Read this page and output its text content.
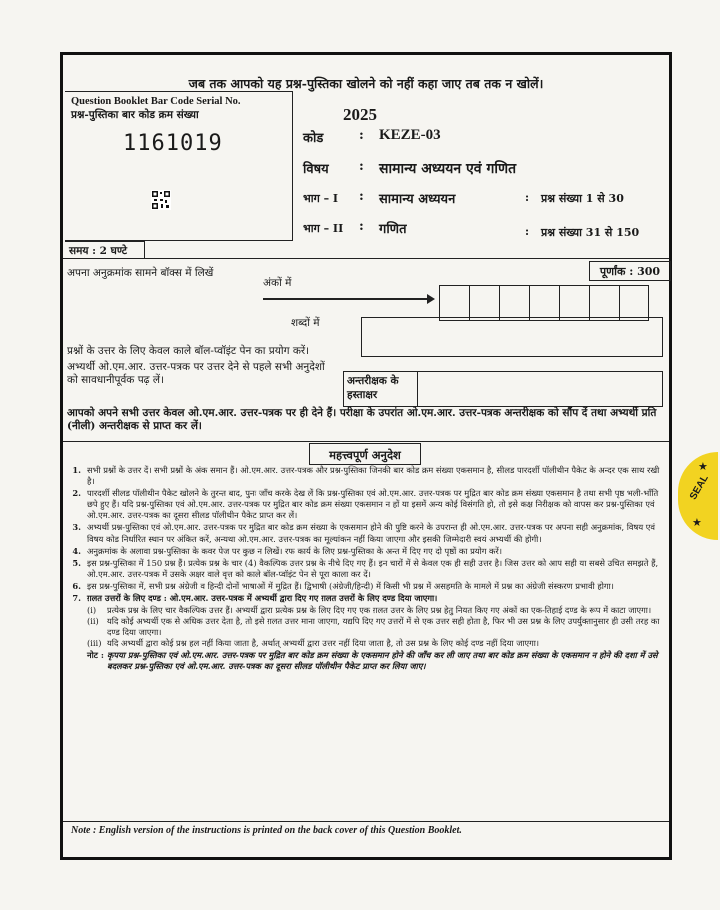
जब तक आपको यह प्रश्न-पुस्तिका खोलने को नहीं कहा जाए तब तक न खोलें।
Question Booklet Bar Code Serial No.
प्रश्न-पुस्तिका बार कोड क्रम संख्या
1161019
2025
कोड	: KEZE-03
विषय : सामान्य अध्ययन एवं गणित
भाग – I : सामान्य अध्ययन	: प्रश्न संख्या 1 से 30
भाग – II : गणित	: प्रश्न संख्या 31 से 150
समय : 2 घण्टे
पूर्णांक : 300
अपना अनुक्रमांक सामने बॉक्स में लिखें
अंकों में
शब्दों में
प्रश्नों के उत्तर के लिए केवल काले बॉल-प्वॉइंट पेन का प्रयोग करें।
अभ्यर्थी ओ.एम.आर. उत्तर-पत्रक पर उत्तर देने से पहले सभी अनुदेशों को सावधानीपूर्वक पढ़ लें।	अन्तरीक्षक के हस्ताक्षर
आपको अपने सभी उत्तर केवल ओ.एम.आर. उत्तर-पत्रक पर ही देने हैं। परीक्षा के उपरांत ओ.एम.आर. उत्तर-पत्रक अन्तरीक्षक को सौंप दें तथा अभ्यर्थी प्रति (नीली) अन्तरीक्षक से प्राप्त कर लें।
महत्त्वपूर्ण अनुदेश
1. सभी प्रश्नों के उत्तर दें। सभी प्रश्नों के अंक समान हैं। ओ.एम.आर. उत्तर-पत्रक और प्रश्न-पुस्तिका जिनकी बार कोड क्रम संख्या एकसमान है, सीलड पारदर्शी पॉलीथीन पैकेट के अन्दर एक साथ रखी है।
2. पारदर्शी सीलड पॉलीथीन पैकेट खोलने के तुरन्त बाद, पुनः जाँच करके देख लें कि प्रश्न-पुस्तिका एवं ओ.एम.आर. उत्तर-पत्रक पर मुद्रित बार कोड क्रम संख्या एकसमान है तथा सभी पृष्ठ भली-भाँति छपे हुए हैं। यदि प्रश्न-पुस्तिका एवं ओ.एम.आर. उत्तर-पत्रक पर मुद्रित बार कोड क्रम संख्या एकसमान न हों या इसमें अन्य कोई विसंगति हो, तो इसे कक्ष निरीक्षक को वापस कर प्रश्न-पुस्तिका एवं ओ.एम.आर. उत्तर-पत्रक का दूसरा सीलड पॉलीथीन पैकेट प्राप्त कर लें।
3. अभ्यर्थी प्रश्न-पुस्तिका एवं ओ.एम.आर. उत्तर-पत्रक पर मुद्रित बार कोड क्रम संख्या के एकसमान होने की पुष्टि करने के उपरान्त ही ओ.एम.आर. उत्तर-पत्रक पर अपना सही अनुक्रमांक, विषय एवं विषय कोड निर्धारित स्थान पर अंकित करें, अन्यथा ओ.एम.आर. उत्तर-पत्रक का मूल्यांकन नहीं किया जाएगा और इसकी जिम्मेदारी स्वयं अभ्यर्थी की होगी।
4. अनुक्रमांक के अलावा प्रश्न-पुस्तिका के कवर पेज पर कुछ न लिखें। रफ कार्य के लिए प्रश्न-पुस्तिका के अन्त में दिए गए दो पृष्ठों का प्रयोग करें।
5. इस प्रश्न-पुस्तिका में 150 प्रश्न हैं। प्रत्येक प्रश्न के चार (4) वैकल्पिक उत्तर प्रश्न के नीचे दिए गए हैं। इन चारों में से केवल एक ही सही उत्तर है। जिस उत्तर को आप सही या सबसे उचित समझते हैं, ओ.एम.आर. उत्तर-पत्रक में उसके अक्षर वाले वृत्त को काले बॉल-प्वॉइंट पेन से पूरा काला कर दें।
6. इस प्रश्न-पुस्तिका में, सभी प्रश्न अंग्रेजी व हिन्दी दोनों भाषाओं में मुद्रित हैं। द्विभाषी (अंग्रेजी/हिन्दी) में किसी भी प्रश्न में असहमति के मामले में प्रश्न का अंग्रेजी संस्करण प्रभावी होगा।
7. ग़लत उत्तरों के लिए दण्ड : ओ.एम.आर. उत्तर-पत्रक में अभ्यर्थी द्वारा दिए गए ग़लत उत्तरों के लिए दण्ड दिया जाएगा।
(i)	प्रत्येक प्रश्न के लिए चार वैकल्पिक उत्तर हैं। अभ्यर्थी द्वारा प्रत्येक प्रश्न के लिए दिए गए एक ग़लत उत्तर के लिए प्रश्न हेतु नियत किए गए अंकों का एक-तिहाई दण्ड के रूप में काटा जाएगा।
(ii) यदि कोई अभ्यर्थी एक से अधिक उत्तर देता है, तो इसे ग़लत उत्तर माना जाएगा, यद्यपि दिए गए उत्तरों में से एक उत्तर सही होता है, फिर भी उस प्रश्न के लिए उपर्युक्तानुसार ही उसी तरह का दण्ड दिया जाएगा।
(iii) यदि अभ्यर्थी द्वारा कोई प्रश्न हल नहीं किया जाता है, अर्थात् अभ्यर्थी द्वारा उत्तर नहीं दिया जाता है, तो उस प्रश्न के लिए कोई दण्ड नहीं दिया जाएगा।
नोट : कृपया प्रश्न-पुस्तिका एवं ओ.एम.आर. उत्तर-पत्रक पर मुद्रित बार कोड क्रम संख्या के एकसमान होने की जाँच कर ली जाए तथा बार कोड क्रम संख्या के एकसमान न होने की दशा में उसे बदलकर प्रश्न-पुस्तिका एवं ओ.एम.आर. उत्तर-पत्रक का दूसरा सीलड पॉलीथीन पैकेट प्राप्त कर लिया जाए।
Note : English version of the instructions is printed on the back cover of this Question Booklet.
SEAL
★
★
